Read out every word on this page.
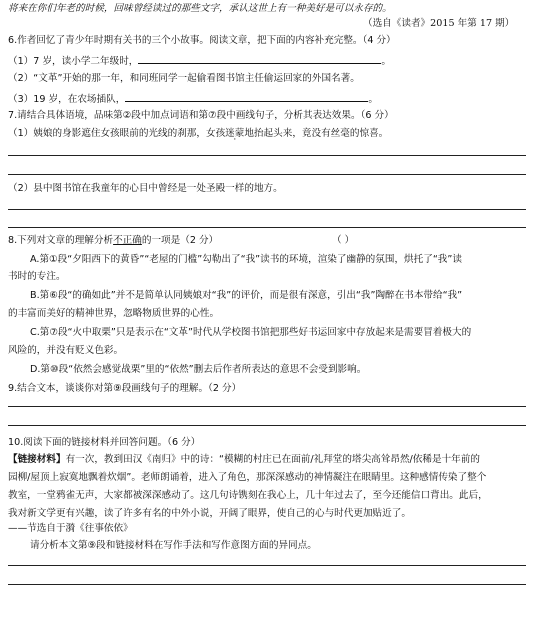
将来在你们年老的时候，回味曾经读过的那些文字，承认这世上有一种美好是可以永存的。
（选自《读者》2015 年第 17 期）
6.作者回忆了青少年时期有关书的三个小故事。阅读文章，把下面的内容补充完整。（4 分）
（1）7 岁，读小学二年级时，	。
（2）“文革”开始的那一年，和同班同学一起偷看图书馆主任偷运回家的外国名著。
（3）19 岁，在农场插队，	。
7.请结合具体语境，品味第②段中加点词语和第⑦段中画线句子，分析其表达效果。（6 分）
（1）姨娘的身影遮住女孩眼前的光线的刹那，女孩迷蒙地抬起头来，竟没有丝毫的惊喜。
（2）县中图书馆在我童年的心目中曾经是一处圣殿一样的地方。
8.下列对文章的理解分析不正确的一项是（2 分）	（ ）
A.第①段“夕阳西下的黄昏”“老屋的门槛”勾勒出了“我”读书的环境，渲染了幽静的氛围，烘托了“我”读
书时的专注。
B.第⑥段“的确如此”并不是简单认同姨娘对“我”的评价，而是很有深意，引出“我”陶醉在书本带给“我”
的丰富而美好的精神世界，忽略物质世界的心性。
C.第⑦段“火中取栗”只是表示在“文革”时代从学校图书馆把那些好书运回家中存放起来是需要冒着极大的
风险的，并没有贬义色彩。
D.第⑩段“依然会感觉战栗”里的“依然”删去后作者所表达的意思不会受到影响。
9.结合文本，谈谈你对第⑨段画线句子的理解。（2 分）
10.阅读下面的链接材料并回答问题。（6 分）
【链接材料】有一次，教到田汉《南归》中的诗：“模糊的村庄已在面前/礼拜堂的塔尖高耸昂然/依稀是十年前的
园柳/屋顶上寂寞地飘着炊烟”。老师朗诵着，进入了角色，那深深感动的神情凝注在眼睛里。这种感情传染了整个
教室，一堂鸦雀无声，大家都被深深感动了。这几句诗镌刻在我心上，几十年过去了，至今还能信口背出。此后，
我对新文学更有兴趣，读了许多有名的中外小说，开阔了眼界，使自己的心与时代更加贴近了。
——节选自于漪《往事依依》
请分析本文第⑨段和链接材料在写作手法和写作意图方面的异同点。
